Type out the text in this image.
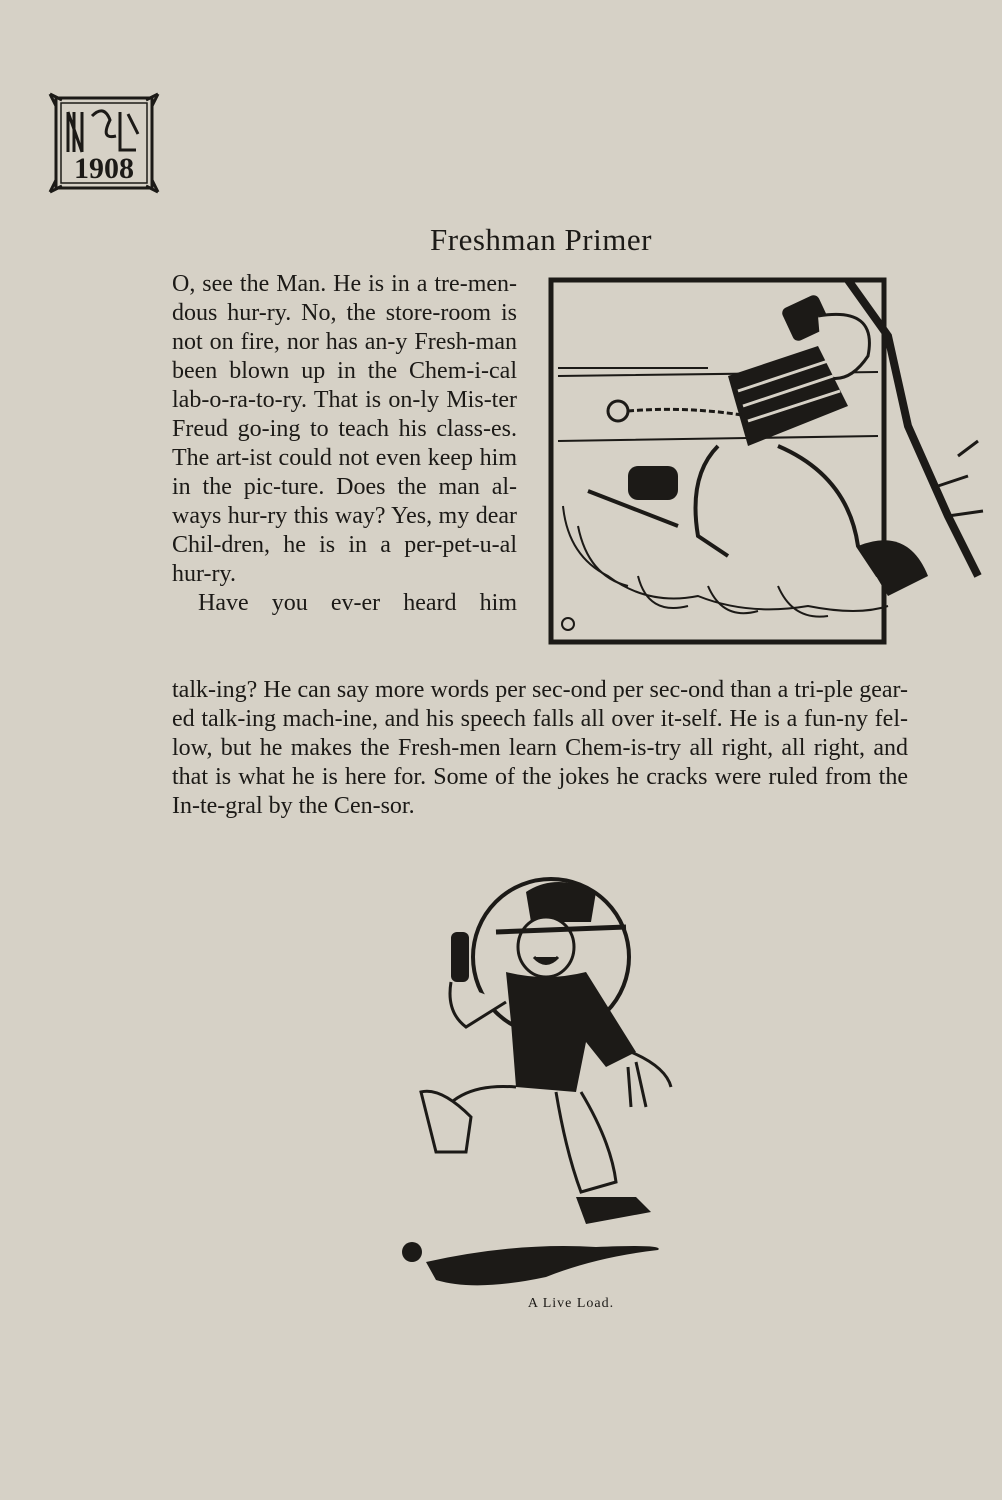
1908
Freshman Primer

O, see the Man. He is in a tre-men-dous hur-ry. No, the store-room is not on fire, nor has an-y Fresh-man been blown up in the Chem-i-cal lab-o-ra-to-ry. That is on-ly Mis-ter Freud go-ing to teach his class-es. The art-ist could not even keep him in the pic-ture. Does the man al-ways hur-ry this way? Yes, my dear Chil-dren, he is in a per-pet-u-al hur-ry.

Have you ev-er heard him

talk-ing? He can say more words per sec-ond per sec-ond than a tri-ple gear-ed talk-ing mach-ine, and his speech falls all over it-self. He is a fun-ny fel-low, but he makes the Fresh-men learn Chem-is-try all right, all right, and that is what he is here for. Some of the jokes he cracks were ruled from the In-te-gral by the Cen-sor.
A Live Load.
